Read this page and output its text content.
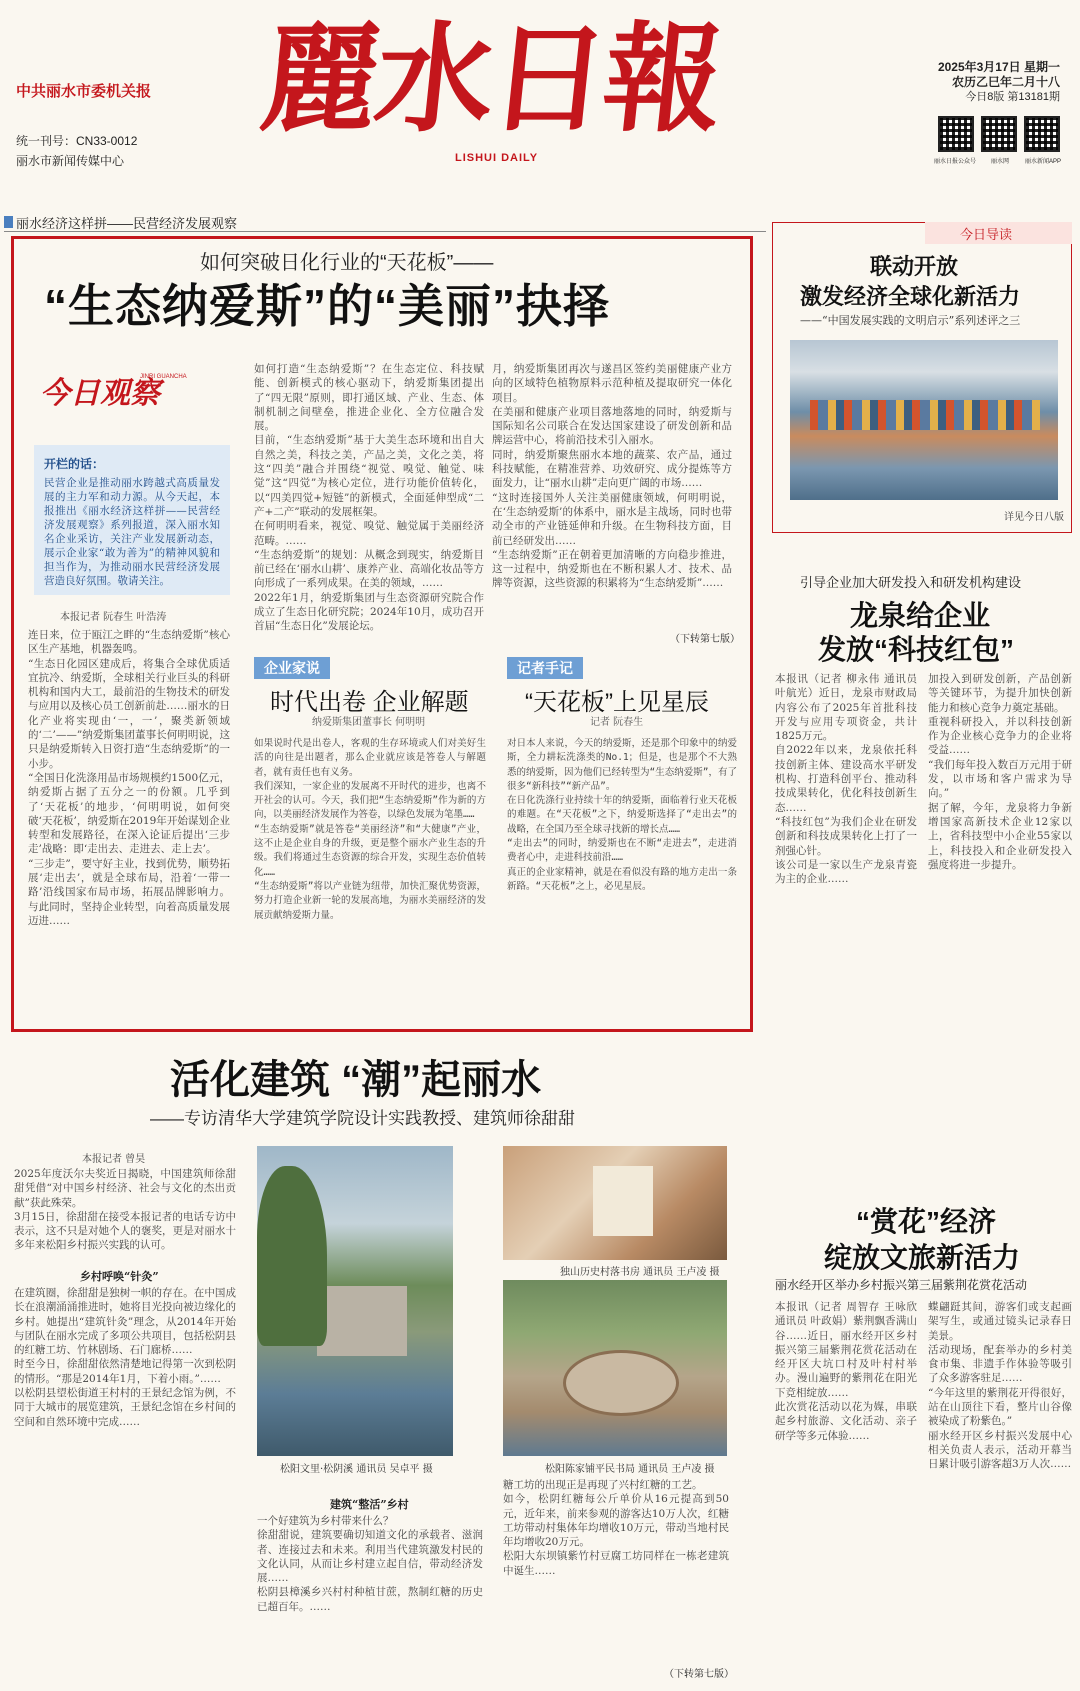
中共丽水市委机关报
统一刊号：CN33-0012
丽水市新闻传媒中心
麗水日報
LISHUI DAILY
2025年3月17日 星期一
农历乙巳年二月十八
今日8版 第13181期
丽水日报公众号	丽水网	丽水新闻APP
丽水经济这样拼——民营经济发展观察
如何突破日化行业的“天花板”——
“生态纳爱斯”的“美丽”抉择
今日观察
JINRI GUANCHA
开栏的话：
民营企业是推动丽水跨越式高质量发展的主力军和动力源。从今天起，本报推出《丽水经济这样拼——民营经济发展观察》系列报道，深入丽水知名企业采访，关注产业发展新动态，展示企业家“敢为善为”的精神风貌和担当作为，为推动丽水民营经济发展营造良好氛围。敬请关注。
本报记者 阮春生 叶浩涛
连日来，位于瓯江之畔的“生态纳爱斯”核心区生产基地，机器轰鸣。
“生态日化园区建成后，将集合全球优质适宜抗冷、纳爱斯，全球相关行业巨头的科研机构和国内大工，最前沿的生物技术的研发与应用以及核心员工创新前赴……丽水的日化产业将实现由‘一，一’，聚类新领域的‘二’——”纳爱斯集团董事长何明明说，这只是纳爱斯转入日资打造“生态纳爱斯”的一小步。
“全国日化洗涤用品市场规模约1500亿元，纳爱斯占据了五分之一的份额。几乎到了‘天花板’的地步，‘何明明说，如何突破‘天花板’，纳爱斯在2019年开始谋划企业转型和发展路径，在深入论证后提出‘三步走’战略：即‘走出去、走进去、走上去’。
“三步走”，要守好主业，找到优势，顺势拓展‘走出去’，就是全球布局，沿着‘一带一路’沿线国家布局市场，拓展品牌影响力。与此同时，坚持企业转型，向着高质量发展迈进……
如何打造“生态纳爱斯”？在生态定位、科技赋能、创新模式的核心驱动下，纳爱斯集团提出了“四无限”原则，即打通区域、产业、生态、体制机制之间壁垒，推进企业化、全方位融合发展。
目前，“生态纳爱斯”基于大美生态环境和出自大自然之美，科技之美，产品之美，文化之美，将这“四美”融合并围绕“视觉、嗅觉、触觉、味觉”这“四觉”为核心定位，进行功能价值转化，以“四美四觉+短链”的新模式，全面延伸型成“二产+二产”联动的发展框架。
在何明明看来，视觉、嗅觉、触觉属于美丽经济范畴。……
“生态纳爱斯”的规划：从概念到现实，纳爱斯目前已经在‘丽水山耕’、康养产业、高端化妆品等方向形成了一系列成果。在美的领域，……
2022年1月，纳爱斯集团与生态资源研究院合作成立了生态日化研究院；2024年10月，成功召开首届“生态日化”发展论坛。
月，纳爱斯集团再次与遂昌区签约美丽健康产业方向的区域特色植物原料示范种植及提取研究一体化项目。
在美丽和健康产业项目落地落地的同时，纳爱斯与国际知名公司联合在发达国家建设了研发创新和品牌运营中心，将前沿技术引入丽水。
同时，纳爱斯聚焦丽水本地的蔬菜、农产品，通过科技赋能，在精准营养、功效研究、成分提炼等方面发力，让“丽水山耕”走向更广阔的市场……
“这时连接国外人关注美丽健康领域，何明明说，在‘生态纳爱斯’的体系中，丽水是主战场，同时也带动全市的产业链延伸和升级。在生物科技方面，目前已经研发出……
“生态纳爱斯”正在朝着更加清晰的方向稳步推进，这一过程中，纳爱斯也在不断积累人才、技术、品牌等资源，这些资源的积累将为“生态纳爱斯”……
（下转第七版）
企业家说
时代出卷 企业解题
纳爱斯集团董事长 何明明
如果说时代是出卷人，客观的生存环境或人们对美好生活的向往是出题者，那么企业就应该是答卷人与解题者，就有责任也有义务。
我们深知，一家企业的发展离不开时代的进步，也离不开社会的认可。今天，我们把“生态纳爱斯”作为新的方向，以美丽经济发展作为答卷，以绿色发展为笔墨……
“生态纳爱斯”就是答卷“美丽经济”和“大健康”产业，这不止是企业自身的升级，更是整个丽水产业生态的升级。我们将通过生态资源的综合开发，实现生态价值转化……
“生态纳爱斯”将以产业链为纽带，加快汇聚优势资源，努力打造企业新一轮的发展高地，为丽水美丽经济的发展贡献纳爱斯力量。
记者手记
“天花板”上见星辰
记者 阮春生
对日本人来说，今天的纳爱斯，还是那个印象中的纳爱斯，全力耕耘洗涤类的No.1；但是，也是那个不大熟悉的纳爱斯，因为他们已经转型为“生态纳爱斯”，有了很多“新科技”“新产品”。
在日化洗涤行业持续十年的纳爱斯，面临着行业天花板的难题。在“天花板”之下，纳爱斯选择了“走出去”的战略，在全国乃至全球寻找新的增长点……
“走出去”的同时，纳爱斯也在不断“走进去”，走进消费者心中，走进科技前沿……
真正的企业家精神，就是在看似没有路的地方走出一条新路。“天花板”之上，必见星辰。
活化建筑 “潮”起丽水
——专访清华大学建筑学院设计实践教授、建筑师徐甜甜
本报记者 曾昊
2025年度沃尔夫奖近日揭晓，中国建筑师徐甜甜凭借“对中国乡村经济、社会与文化的杰出贡献”获此殊荣。
3月15日，徐甜甜在接受本报记者的电话专访中表示，这不只是对她个人的褒奖，更是对丽水十多年来松阳乡村振兴实践的认可。
乡村呼唤“针灸”
在建筑圈，徐甜甜是独树一帜的存在。在中国成长在浪潮涌涌推进时，她将目光投向被边缘化的乡村。她提出“建筑针灸”理念，从2014年开始与团队在丽水完成了多项公共项目，包括松阴县的红糖工坊、竹林剧场、石门廊桥……
时至今日，徐甜甜依然清楚地记得第一次到松阴的情形。“那是2014年1月，下着小雨。”……
以松阴县望松街道王村村的王景纪念馆为例，不同于大城市的展览建筑，王景纪念馆在乡村间的空间和自然环境中完成……
松阳文里·松阴溪 通讯员 吴卓平 摄
独山历史村落书房 通讯员 王卢凌 摄
松阳陈家铺平民书局 通讯员 王卢凌 摄
建筑“整活”乡村
一个好建筑为乡村带来什么？
徐甜甜说，建筑要确切知道文化的承载者、滋润者、连接过去和未来。利用当代建筑激发村民的文化认同，从而让乡村建立起自信，带动经济发展……
松阴县樟溪乡兴村村种植甘蔗，熬制红糖的历史已超百年。……
糖工坊的出现正是再现了兴村红糖的工艺。
如今，松阴红糖每公斤单价从16元提高到50元，近年来，前来参观的游客达10万人次，红糖工坊带动村集体年均增收10万元，带动当地村民年均增收20万元。
松阳大东坝镇紫竹村豆腐工坊同样在一栋老建筑中诞生……
（下转第七版）
今日导读
联动开放
激发经济全球化新活力
——“中国发展实践的文明启示”系列述评之三
详见今日八版
引导企业加大研发投入和研发机构建设
龙泉给企业
发放“科技红包”
本报讯（记者 柳永伟 通讯员 叶航光）近日，龙泉市财政局内容公布了2025年首批科技开发与应用专项资金，共计1825万元。
自2022年以来，龙泉依托科技创新主体、建设高水平研发机构、打造科创平台、推动科技成果转化，优化科技创新生态……
“科技红包”为我们企业在研发创新和科技成果转化上打了一剂强心针。
该公司是一家以生产龙泉青瓷为主的企业……
加投入到研发创新，产品创新等关键环节，为提升加快创新能力和核心竞争力奠定基础。
重视科研投入，并以科技创新作为企业核心竞争力的企业将受益……
“我们每年投入数百万元用于研发，以市场和客户需求为导向。”
据了解，今年，龙泉将力争新增国家高新技术企业12家以上，省科技型中小企业55家以上，科技投入和企业研发投入强度将进一步提升。
“赏花”经济
绽放文旅新活力
丽水经开区举办乡村振兴第三届紫荆花赏花活动
本报讯（记者 周智存 王咏欣 通讯员 叶政娟）紫荆飘香满山谷……近日，丽水经开区乡村振兴第三届紫荆花赏花活动在经开区大坑口村及叶村村举办。漫山遍野的紫荆花在阳光下竞相绽放……
此次赏花活动以花为媒，串联起乡村旅游、文化活动、亲子研学等多元体验……
蝶翩跹其间，游客们或支起画架写生，或通过镜头记录春日美景。
活动现场，配套举办的乡村美食市集、非遗手作体验等吸引了众多游客驻足……
“今年这里的紫荆花开得很好，站在山顶往下看，整片山谷像被染成了粉紫色。”
丽水经开区乡村振兴发展中心相关负责人表示，活动开幕当日累计吸引游客超3万人次……
